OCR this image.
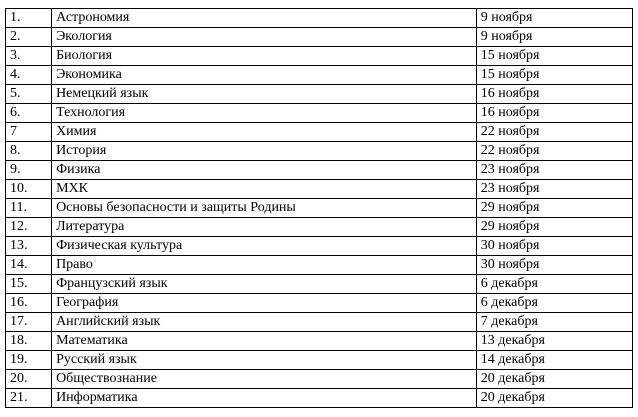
1.	Астрономия	9 ноября
2.	Экология	9 ноября
3.	Биология	15 ноября
4.	Экономика	15 ноября
5.	Немецкий язык	16 ноября
6.	Технология	16 ноября
7	Химия	22 ноября
8.	История	22 ноября
9.	Физика	23 ноября
10.	МХК	23 ноября
11.	Основы безопасности и защиты Родины	29 ноября
12.	Литература	29 ноября
13.	Физическая культура	30 ноября
14.	Право	30 ноября
15.	Французский язык	6 декабря
16.	География	6 декабря
17.	Английский язык	7 декабря
18.	Математика	13 декабря
19.	Русский язык	14 декабря
20.	Обществознание	20 декабря
21.	Информатика	20 декабря
